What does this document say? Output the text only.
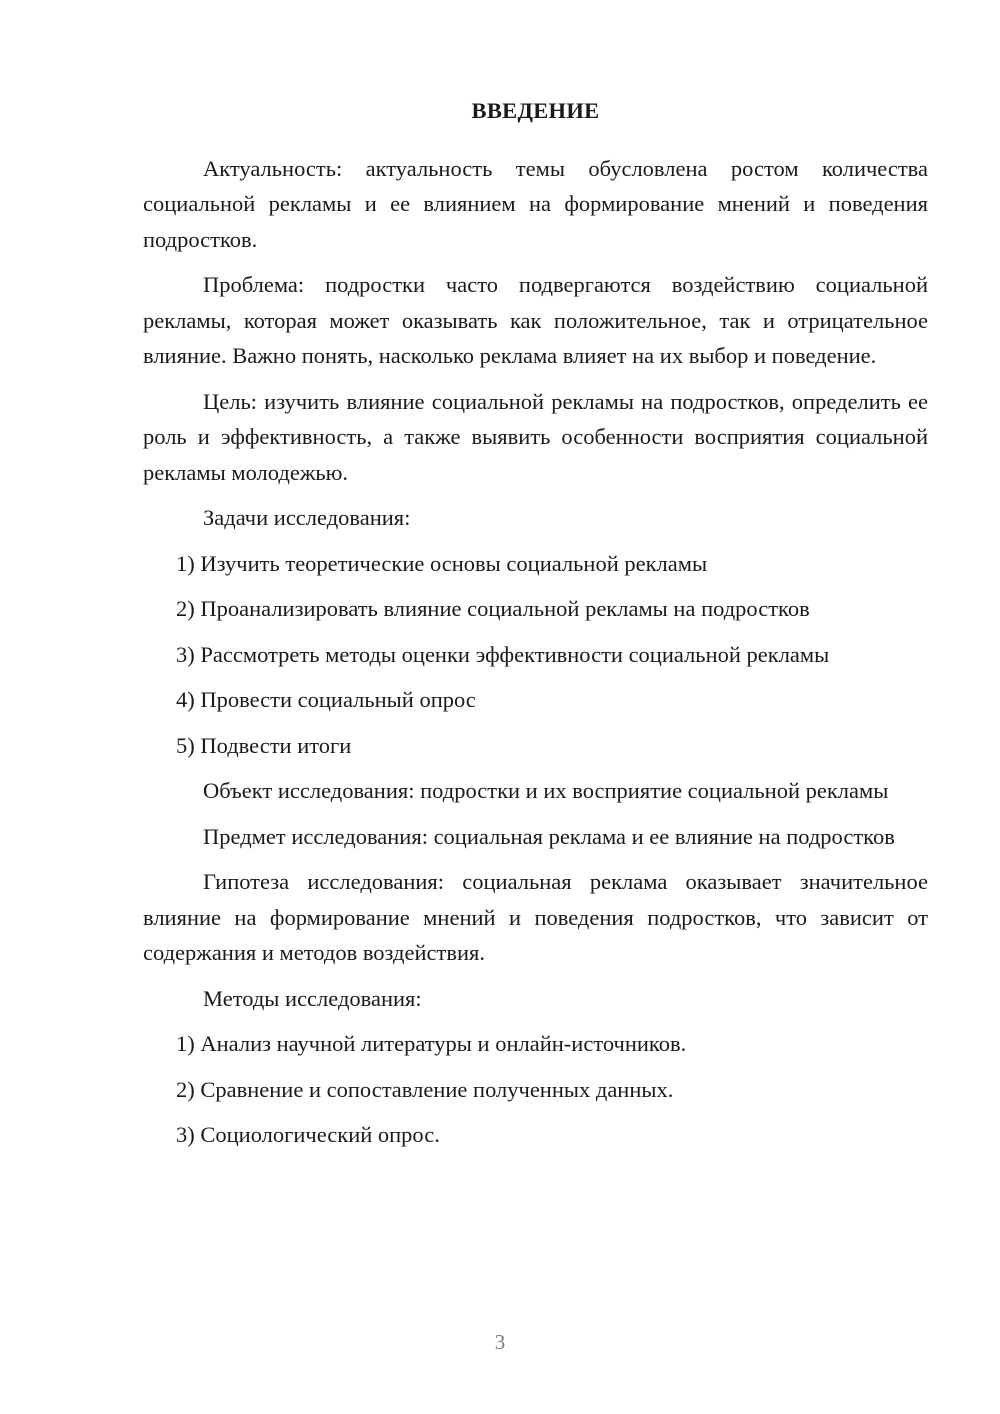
ВВЕДЕНИЕ

Актуальность: актуальность темы обусловлена ростом количества социальной рекламы и ее влиянием на формирование мнений и поведения подростков.

Проблема: подростки часто подвергаются воздействию социальной рекламы, которая может оказывать как положительное, так и отрицательное влияние. Важно понять, насколько реклама влияет на их выбор и поведение.

Цель: изучить влияние социальной рекламы на подростков, определить ее роль и эффективность, а также выявить особенности восприятия социальной рекламы молодежью.

Задачи исследования:

1) Изучить теоретические основы социальной рекламы
2) Проанализировать влияние социальной рекламы на подростков
3) Рассмотреть методы оценки эффективности социальной рекламы
4) Провести социальный опрос
5) Подвести итоги

Объект исследования: подростки и их восприятие социальной рекламы

Предмет исследования: социальная реклама и ее влияние на подростков

Гипотеза исследования: социальная реклама оказывает значительное влияние на формирование мнений и поведения подростков, что зависит от содержания и методов воздействия.

Методы исследования:

1) Анализ научной литературы и онлайн-источников.
2) Сравнение и сопоставление полученных данных.
3) Социологический опрос.
3
